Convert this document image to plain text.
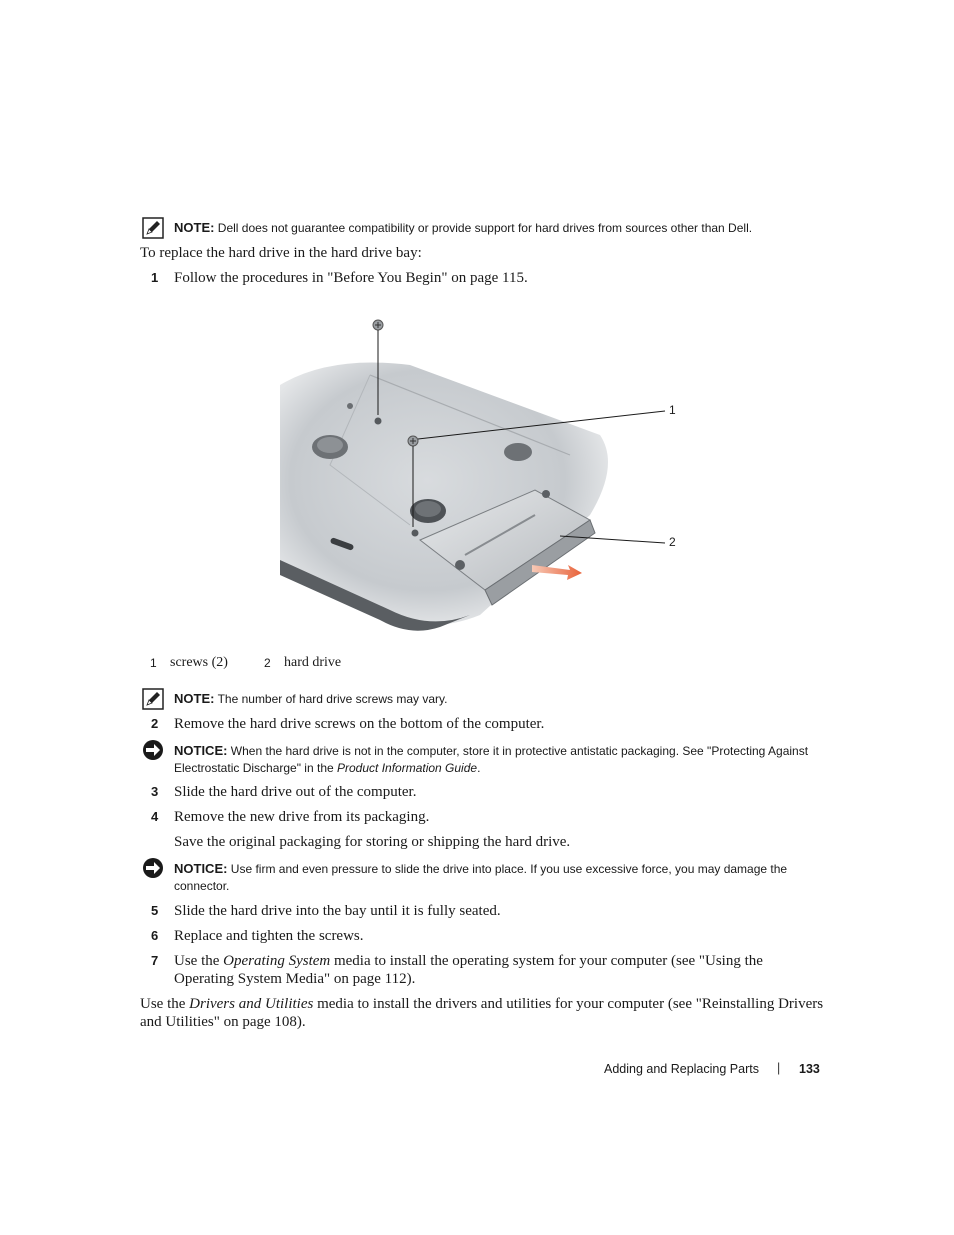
NOTE: Dell does not guarantee compatibility or provide support for hard drives from sources other than Dell.
To replace the hard drive in the hard drive bay:
1 Follow the procedures in "Before You Begin" on page 115.
1
2
1 screws (2)	2 hard drive
NOTE: The number of hard drive screws may vary.
2 Remove the hard drive screws on the bottom of the computer.
NOTICE: When the hard drive is not in the computer, store it in protective antistatic packaging. See "Protecting Against Electrostatic Discharge" in the Product Information Guide.
3 Slide the hard drive out of the computer.
4 Remove the new drive from its packaging.
Save the original packaging for storing or shipping the hard drive.
NOTICE: Use firm and even pressure to slide the drive into place. If you use excessive force, you may damage the connector.
5 Slide the hard drive into the bay until it is fully seated.
6 Replace and tighten the screws.
7 Use the Operating System media to install the operating system for your computer (see "Using the Operating System Media" on page 112).
Use the Drivers and Utilities media to install the drivers and utilities for your computer (see "Reinstalling Drivers and Utilities" on page 108).
Adding and Replacing Parts | 133
